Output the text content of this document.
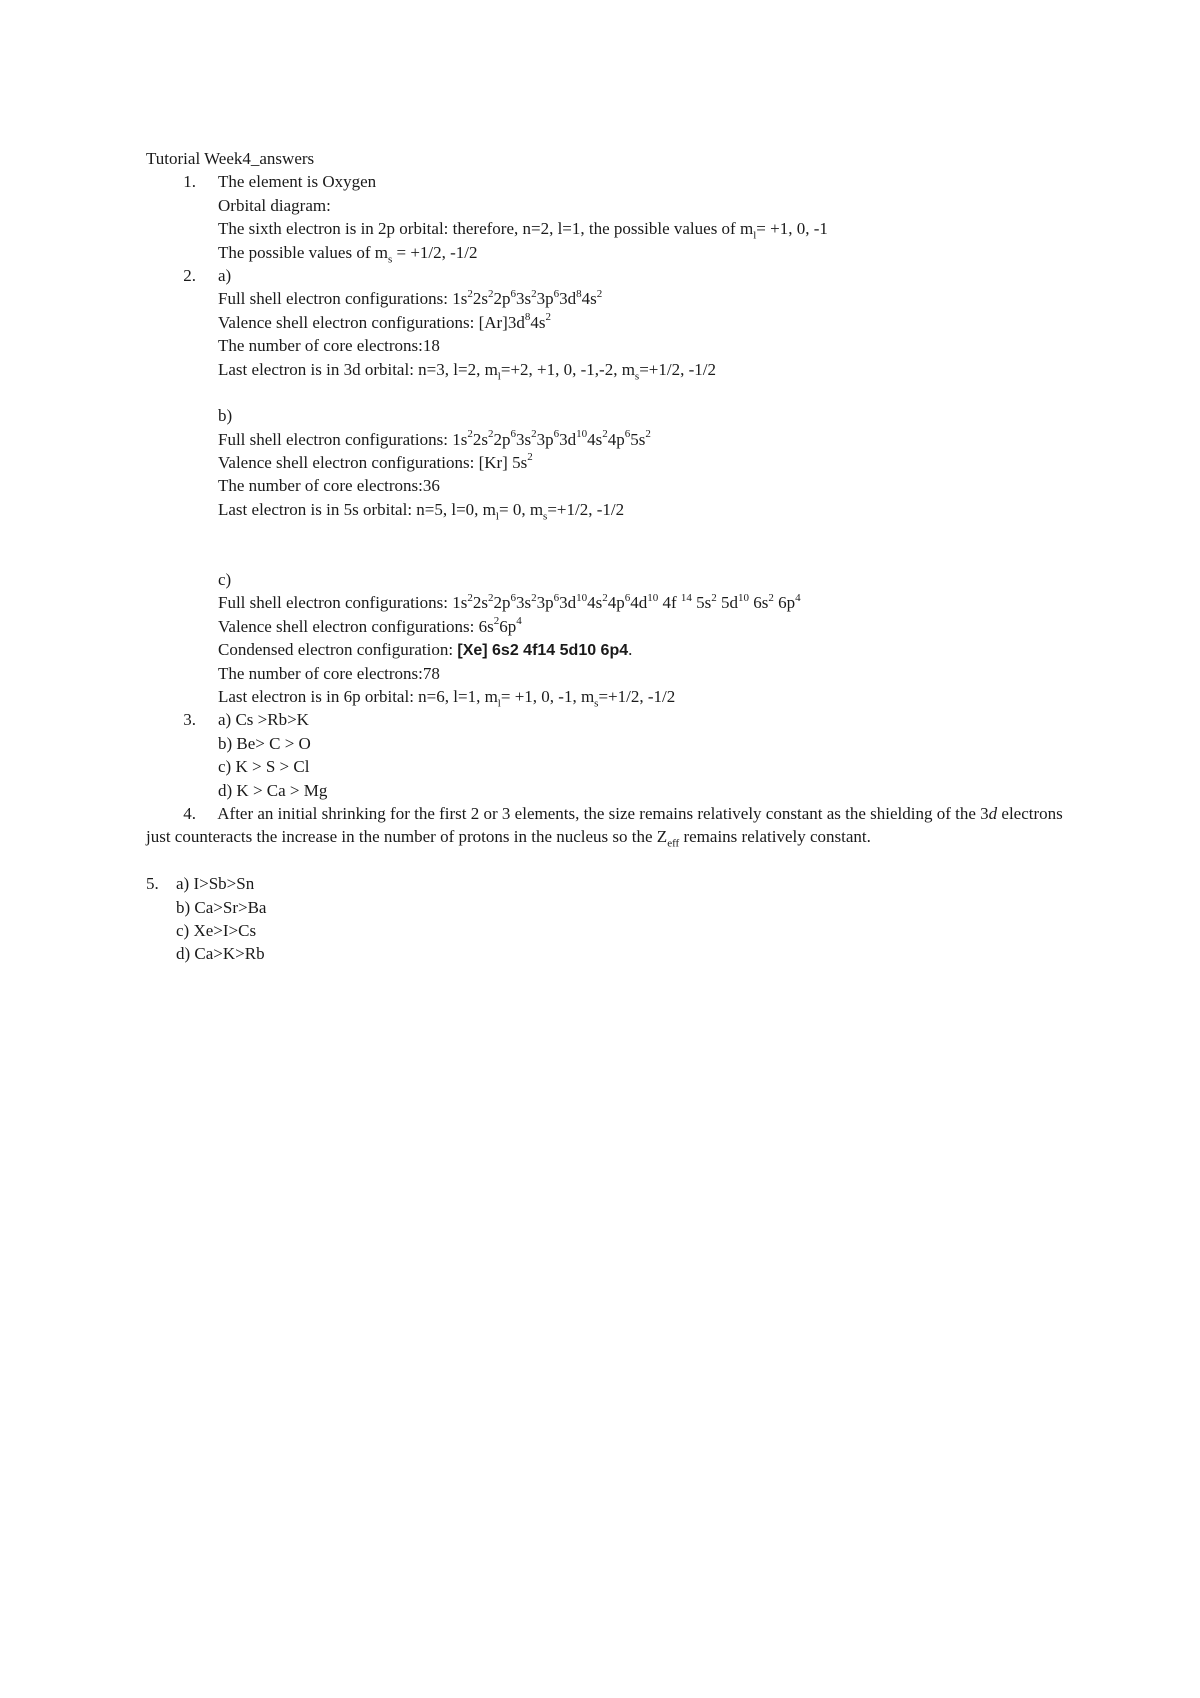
Tutorial Week4_answers
1. The element is Oxygen
Orbital diagram:
The sixth electron is in 2p orbital: therefore, n=2, l=1, the possible values of $m_l= +1$, 0, -1
The possible values of $m_s = +1/2$, -1/2
2. a)
Full shell electron configurations: $1s^22s^22p^63s^23p^63d^84s^2$
Valence shell electron configurations: $[Ar]3d^84s^2$
The number of core electrons:18
Last electron is in 3d orbital: n=3, l=2, $m_l=+2$, +1, 0, -1,-2, $m_s=+1/2$, -1/2
b)
Full shell electron configurations: $1s^22s^22p^63s^23p^63d^{10}4s^24p^65s^2$
Valence shell electron configurations: [Kr] $5s^2$
The number of core electrons:36
Last electron is in 5s orbital: n=5, l=0, $m_l= 0$, $m_s=+1/2$, -1/2
c)
Full shell electron configurations: $1s^22s^22p^63s^23p^63d^{10}4s^24p^64d^{10}$ 4f $^{14}$ $5s^2$ $5d^{10}$ $6s^2$ $6p^4$
Valence shell electron configurations: $6s^26p^4$
Condensed electron configuration: [Xe] 6s2 4f14 5d10 6p4.
The number of core electrons:78
Last electron is in 6p orbital: n=6, l=1, $m_l= +1$, 0, -1, $m_s=+1/2$, -1/2
3. a) Cs >Rb>K
b) Be> C > O
c) K > S > Cl
d) K > Ca > Mg
4. After an initial shrinking for the first 2 or 3 elements, the size remains relatively constant as the shielding of the 3d electrons just counteracts the increase in the number of protons in the nucleus so the $Z_{eff}$ remains relatively constant.
5. a) I>Sb>Sn
b) Ca>Sr>Ba
c) Xe>I>Cs
d) Ca>K>Rb
